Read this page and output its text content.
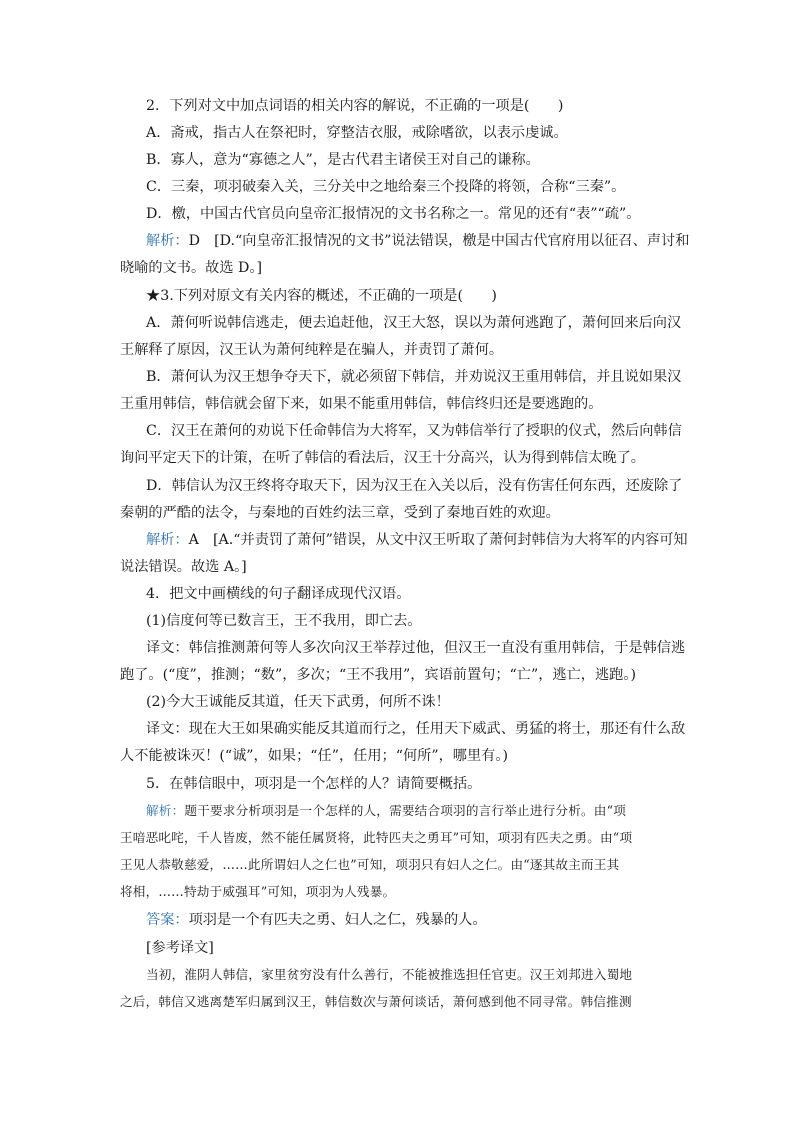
2．下列对文中加点词语的相关内容的解说，不正确的一项是(　　)
A．斋戒，指古人在祭祀时，穿整洁衣服，戒除嗜欲，以表示虔诚。
B．寡人，意为“寡德之人”，是古代君主诸侯王对自己的谦称。
C．三秦，项羽破秦入关，三分关中之地给秦三个投降的将领，合称“三秦”。
D．檄，中国古代官员向皇帝汇报情况的文书名称之一。常见的还有“表”“疏”。
解析：D　[D.“向皇帝汇报情况的文书”说法错误，檄是中国古代官府用以征召、声讨和
晓喻的文书。故选 D。]
★3.下列对原文有关内容的概述，不正确的一项是(　　)
A．萧何听说韩信逃走，便去追赶他，汉王大怒，误以为萧何逃跑了，萧何回来后向汉
王解释了原因，汉王认为萧何纯粹是在骗人，并责罚了萧何。
B．萧何认为汉王想争夺天下，就必须留下韩信，并劝说汉王重用韩信，并且说如果汉
王重用韩信，韩信就会留下来，如果不能重用韩信，韩信终归还是要逃跑的。
C．汉王在萧何的劝说下任命韩信为大将军，又为韩信举行了授职的仪式，然后向韩信
询问平定天下的计策，在听了韩信的看法后，汉王十分高兴，认为得到韩信太晚了。
D．韩信认为汉王终将夺取天下，因为汉王在入关以后，没有伤害任何东西，还废除了
秦朝的严酷的法令，与秦地的百姓约法三章，受到了秦地百姓的欢迎。
解析：A　[A.“并责罚了萧何”错误，从文中汉王听取了萧何封韩信为大将军的内容可知
说法错误。故选 A。]
4．把文中画横线的句子翻译成现代汉语。
(1)信度何等已数言王，王不我用，即亡去。
译文：韩信推测萧何等人多次向汉王举荐过他，但汉王一直没有重用韩信，于是韩信逃
跑了。(“度”，推测；“数”，多次；“王不我用”，宾语前置句；“亡”，逃亡，逃跑。)
(2)今大王诚能反其道，任天下武勇，何所不诛！
译文：现在大王如果确实能反其道而行之，任用天下威武、勇猛的将士，那还有什么敌
人不能被诛灭！(“诚”，如果；“任”，任用；“何所”，哪里有。)
5．在韩信眼中，项羽是一个怎样的人？请简要概括。
解析：题干要求分析项羽是一个怎样的人，需要结合项羽的言行举止进行分析。由“项
王喑恶叱咤，千人皆废，然不能任属贤将，此特匹夫之勇耳”可知，项羽有匹夫之勇。由“项
王见人恭敬慈爱，……此所谓妇人之仁也”可知，项羽只有妇人之仁。由“逐其故主而王其
将相，……特劫于威强耳”可知，项羽为人残暴。
答案：项羽是一个有匹夫之勇、妇人之仁，残暴的人。
[参考译文]
当初，淮阴人韩信，家里贫穷没有什么善行，不能被推选担任官吏。汉王刘邦进入蜀地
之后，韩信又逃离楚军归属到汉王，韩信数次与萧何谈话，萧何感到他不同寻常。韩信推测
